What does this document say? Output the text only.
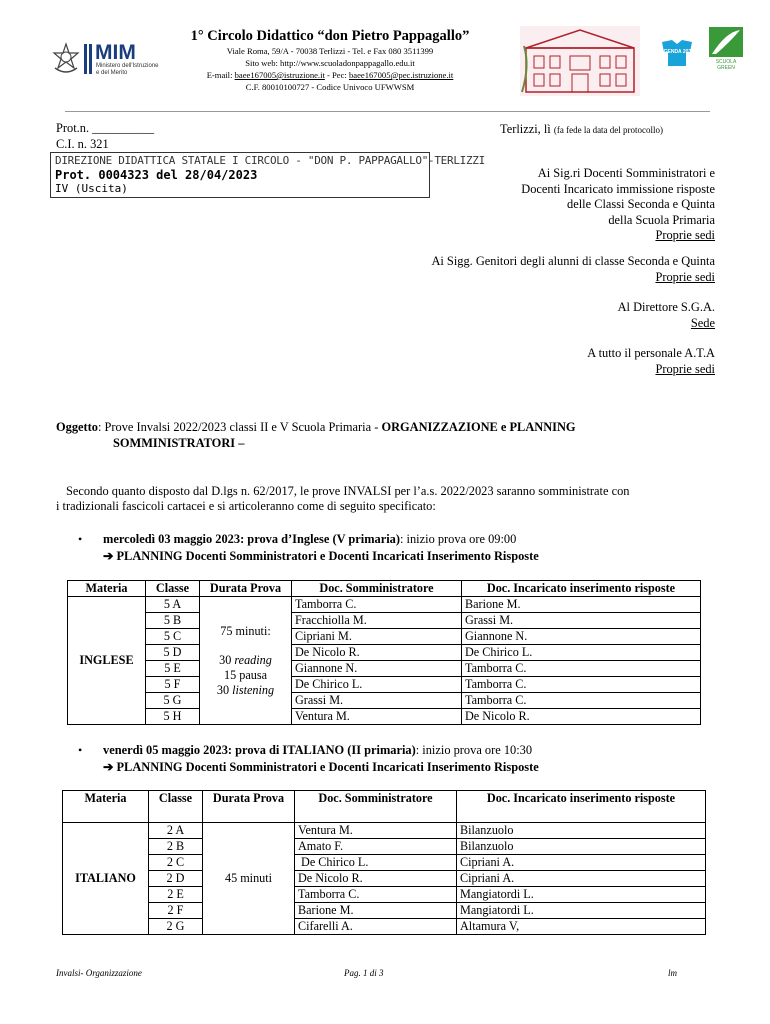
MIM
Ministero dell'Istruzione
e del Merito
1° Circolo Didattico “don Pietro Pappagallo”
Viale Roma, 59/A - 70038 Terlizzi - Tel. e Fax 080 3511399
Sito web: http://www.scuoladonpappagallo.edu.it
E-mail: baee167005@istruzione.it - Pec: baee167005@pec.istruzione.it
C.F. 80010100727 - Codice Univoco UFWWSM
AGENDA 2030
SCUOLA GREEN
Prot.n. __________
C.I. n. 321
Terlizzi, lì (fa fede la data del protocollo)
DIREZIONE DIDATTICA STATALE I CIRCOLO - "DON P. PAPPAGALLO"-TERLIZZI
Prot. 0004323 del 28/04/2023
IV (Uscita)
Ai Sig.ri Docenti Somministratori e
Docenti Incaricato immissione risposte
delle Classi Seconda e Quinta
della Scuola Primaria
Proprie sedi
Ai Sigg. Genitori degli alunni di classe Seconda e Quinta
Proprie sedi
Al Direttore S.G.A.
Sede
A tutto il personale A.T.A
Proprie sedi
Oggetto: Prove Invalsi 2022/2023 classi II e V Scuola Primaria - ORGANIZZAZIONE e PLANNING
SOMMINISTRATORI –
Secondo quanto disposto dal D.lgs n. 62/2017, le prove INVALSI per l’a.s. 2022/2023 saranno somministrate con
i tradizionali fascicoli cartacei e si articoleranno come di seguito specificato:
• mercoledì 03 maggio 2023: prova d’Inglese (V primaria): inizio prova ore 09:00
➔ PLANNING Docenti Somministratori e Docenti Incaricati Inserimento Risposte
Materia	Classe	Durata Prova	Doc. Somministratore	Doc. Incaricato inserimento risposte
INGLESE	5 A	75 minuti:
30 reading
15 pausa
30 listening	Tamborra C.	Barione M.
	5 B		Fracchiolla M.	Grassi M.
	5 C		Cipriani M.	Giannone N.
	5 D		De Nicolo R.	De Chirico L.
	5 E		Giannone N.	Tamborra C.
	5 F		De Chirico L.	Tamborra C.
	5 G		Grassi M.	Tamborra C.
	5 H		Ventura M.	De Nicolo R.
• venerdì 05 maggio 2023: prova di ITALIANO (II primaria): inizio prova ore 10:30
➔ PLANNING Docenti Somministratori e Docenti Incaricati Inserimento Risposte
Materia	Classe	Durata Prova	Doc. Somministratore	Doc. Incaricato inserimento risposte
ITALIANO	2 A	45 minuti	Ventura M.	Bilanzuolo
	2 B		Amato F.	Bilanzuolo
	2 C		De Chirico L.	Cipriani A.
	2 D		De Nicolo R.	Cipriani A.
	2 E		Tamborra C.	Mangiatordi L.
	2 F		Barione M.	Mangiatordi L.
	2 G		Cifarelli A.	Altamura V,
Invalsi- Organizzazione	Pag. 1 di 3	lm
